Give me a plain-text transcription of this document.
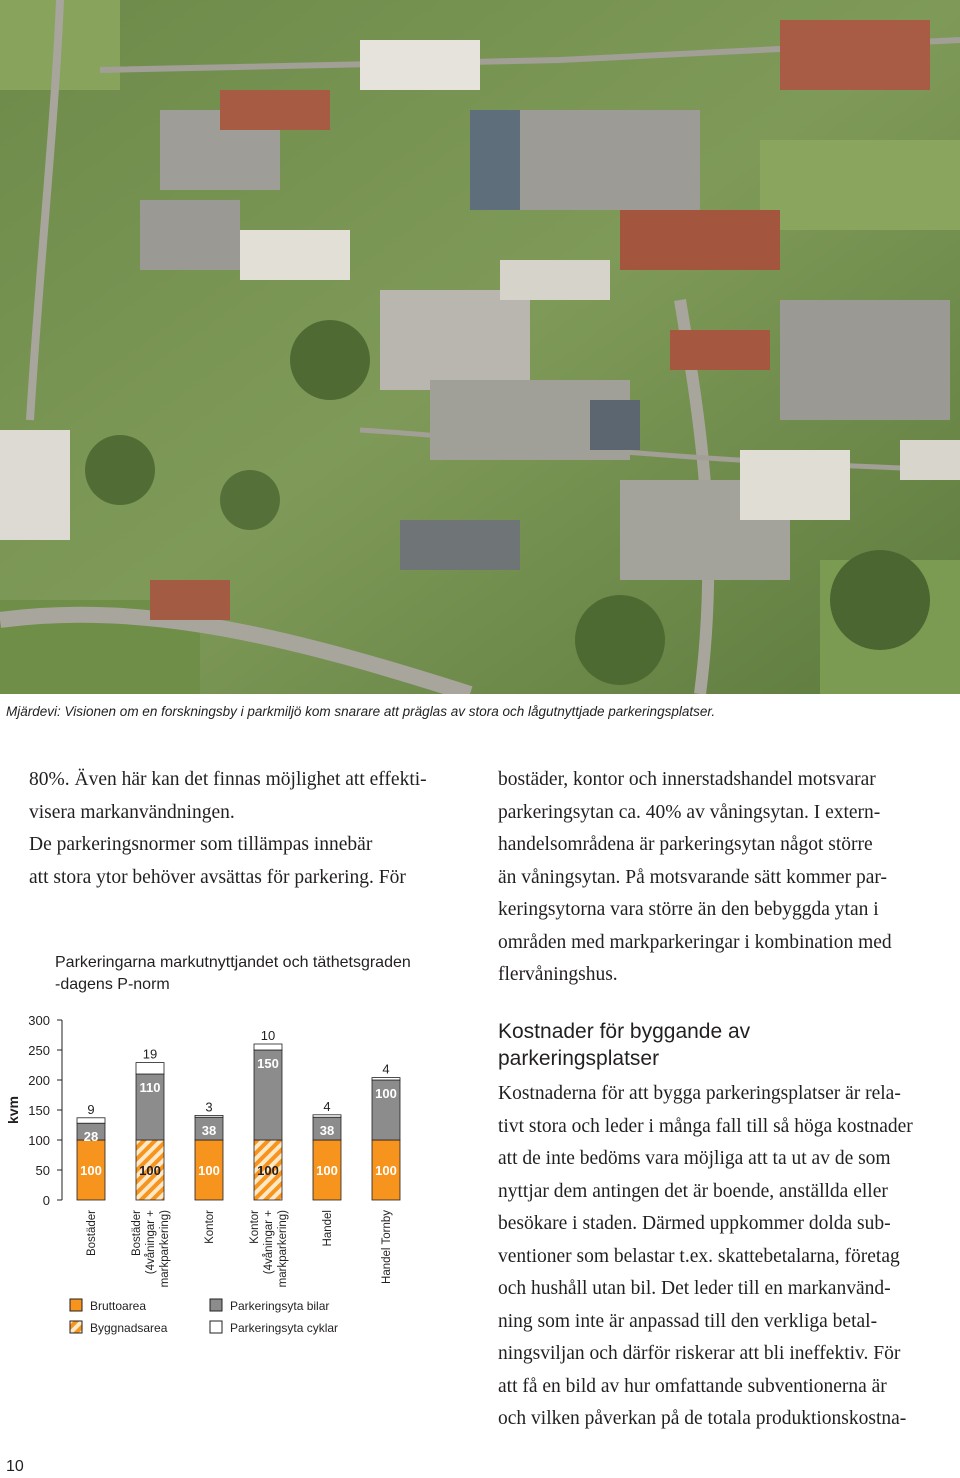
Mjärdevi: Visionen om en forskningsby i parkmiljö kom snarare att präglas av stora och lågutnyttjade parkeringsplatser.

80%. Även här kan det finnas möjlighet att effekti-
visera markanvändningen.

De parkeringsnormer som tillämpas innebär
att stora ytor behöver avsättas för parkering. För

bostäder, kontor och innerstadshandel motsvarar
parkeringsytan ca. 40% av våningsytan. I extern-
handelsområdena är parkeringsytan något större
än våningsytan. På motsvarande sätt kommer par-
keringsytorna vara större än den bebyggda ytan i
områden med markparkeringar i kombination med
flervåningshus.

Kostnader för byggande av

parkeringsplatser

Kostnaderna för att bygga parkeringsplatser är rela-
tivt stora och leder i många fall till så höga kostnader
att de inte bedöms vara möjliga att ta ut av de som
nyttjar dem antingen det är boende, anställda eller
besökare i staden. Därmed uppkommer dolda sub-
ventioner som belastar t.ex. skattebetalarna, företag
och hushåll utan bil. Det leder till en markanvänd-
ning som inte är anpassad till den verkliga betal-
ningsviljan och därför riskerar att bli ineffektiv. För
att få en bild av hur omfattande subventionerna är
och vilken påverkan på de totala produktionskostna-
Parkeringarna markutnyttjandet och täthetsgraden
-dagens P-norm
kvm
0
50
100
150
200
250
300
100
28
9
Bostäder
100
110
19
Bostäder (4våningar + markparkering)
100
38
3
Kontor
100
150
10
Kontor (4våningar + markparkering)
100
38
4
Handel
100
100
4
Handel Tornby
Bruttoarea
Byggnadsarea
Parkeringsyta bilar
Parkeringsyta cyklar
10
